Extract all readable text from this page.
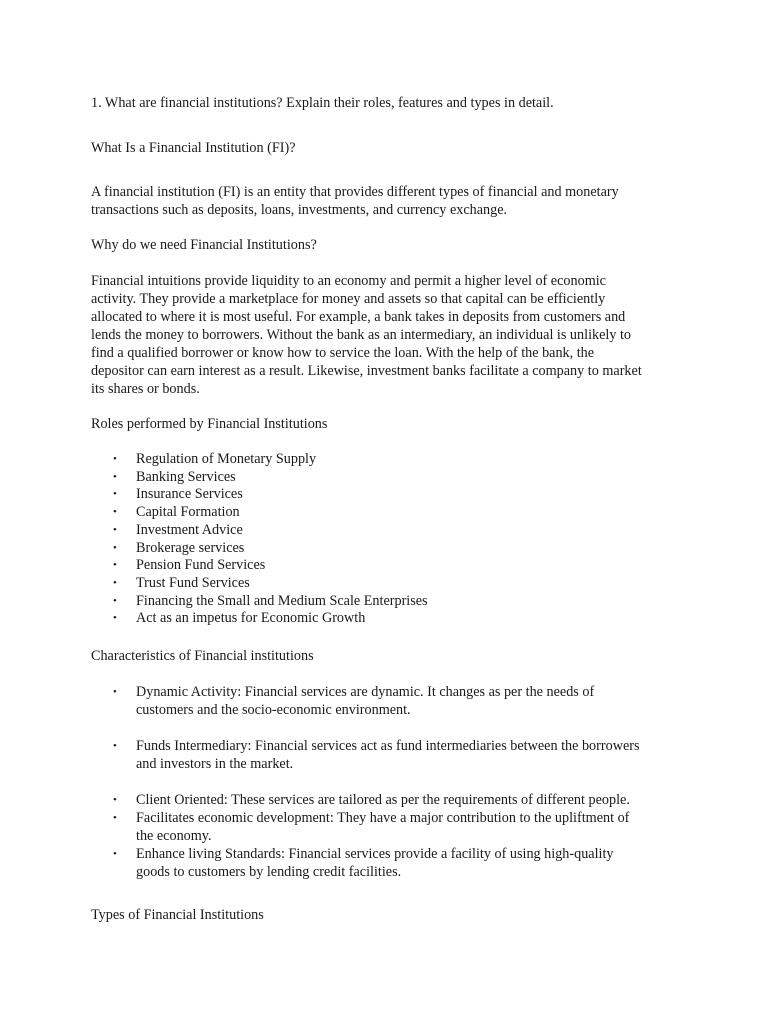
1. What are financial institutions? Explain their roles, features and types in detail.
What Is a Financial Institution (FI)?
A financial institution (FI) is an entity that provides different types of financial and monetary
transactions such as deposits, loans, investments, and currency exchange.
Why do we need Financial Institutions?
Financial intuitions provide liquidity to an economy and permit a higher level of economic
activity. They provide a marketplace for money and assets so that capital can be efficiently
allocated to where it is most useful. For example, a bank takes in deposits from customers and
lends the money to borrowers. Without the bank as an intermediary, an individual is unlikely to
find a qualified borrower or know how to service the loan. With the help of the bank, the
depositor can earn interest as a result. Likewise, investment banks facilitate a company to market
its shares or bonds.
Roles performed by Financial Institutions
• Regulation of Monetary Supply
• Banking Services
• Insurance Services
• Capital Formation
• Investment Advice
• Brokerage services
• Pension Fund Services
• Trust Fund Services
• Financing the Small and Medium Scale Enterprises
• Act as an impetus for Economic Growth
Characteristics of Financial institutions
• Dynamic Activity: Financial services are dynamic. It changes as per the needs of
customers and the socio-economic environment.
• Funds Intermediary: Financial services act as fund intermediaries between the borrowers
and investors in the market.
• Client Oriented: These services are tailored as per the requirements of different people.
• Facilitates economic development: They have a major contribution to the upliftment of
the economy.
• Enhance living Standards: Financial services provide a facility of using high-quality
goods to customers by lending credit facilities.
Types of Financial Institutions
